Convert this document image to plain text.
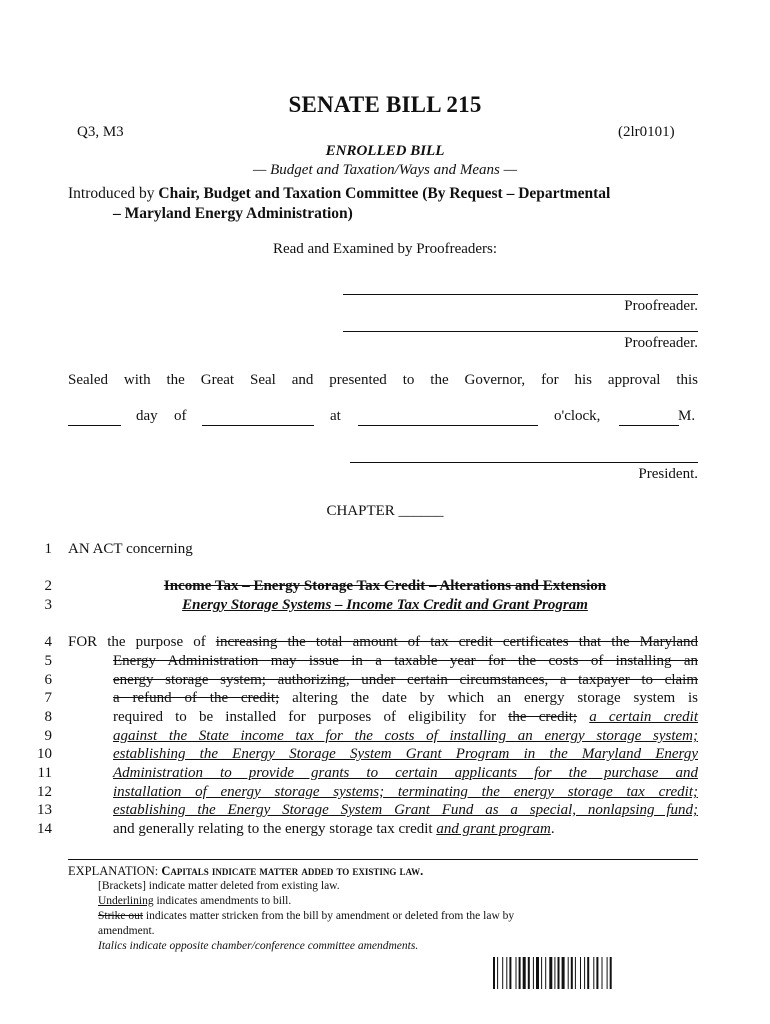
SENATE BILL 215
Q3, M3	(2lr0101)
ENROLLED BILL
— Budget and Taxation/Ways and Means —
Introduced by Chair, Budget and Taxation Committee (By Request – Departmental
– Maryland Energy Administration)
Read and Examined by Proofreaders:
Proofreader.
Proofreader.
Sealed with the Great Seal and presented to the Governor, for his approval this
day of	at	o'clock,	M.
President.
CHAPTER ______
1 AN ACT concerning
2	Income Tax – Energy Storage Tax Credit – Alterations and Extension
3	Energy Storage Systems – Income Tax Credit and Grant Program
4 FOR the purpose of increasing the total amount of tax credit certificates that the Maryland
5	Energy Administration may issue in a taxable year for the costs of installing an
6	energy storage system; authorizing, under certain circumstances, a taxpayer to claim
7	a refund of the credit; altering the date by which an energy storage system is
8	required to be installed for purposes of eligibility for the credit; a certain credit
9	against the State income tax for the costs of installing an energy storage system;
10	establishing the Energy Storage System Grant Program in the Maryland Energy
11	Administration to provide grants to certain applicants for the purchase and
12	installation of energy storage systems; terminating the energy storage tax credit;
13	establishing the Energy Storage System Grant Fund as a special, nonlapsing fund;
14	and generally relating to the energy storage tax credit and grant program.
EXPLANATION: Capitals indicate matter added to existing law.
[Brackets] indicate matter deleted from existing law.
Underlining indicates amendments to bill.
Strike out indicates matter stricken from the bill by amendment or deleted from the law by
amendment.
Italics indicate opposite chamber/conference committee amendments.
